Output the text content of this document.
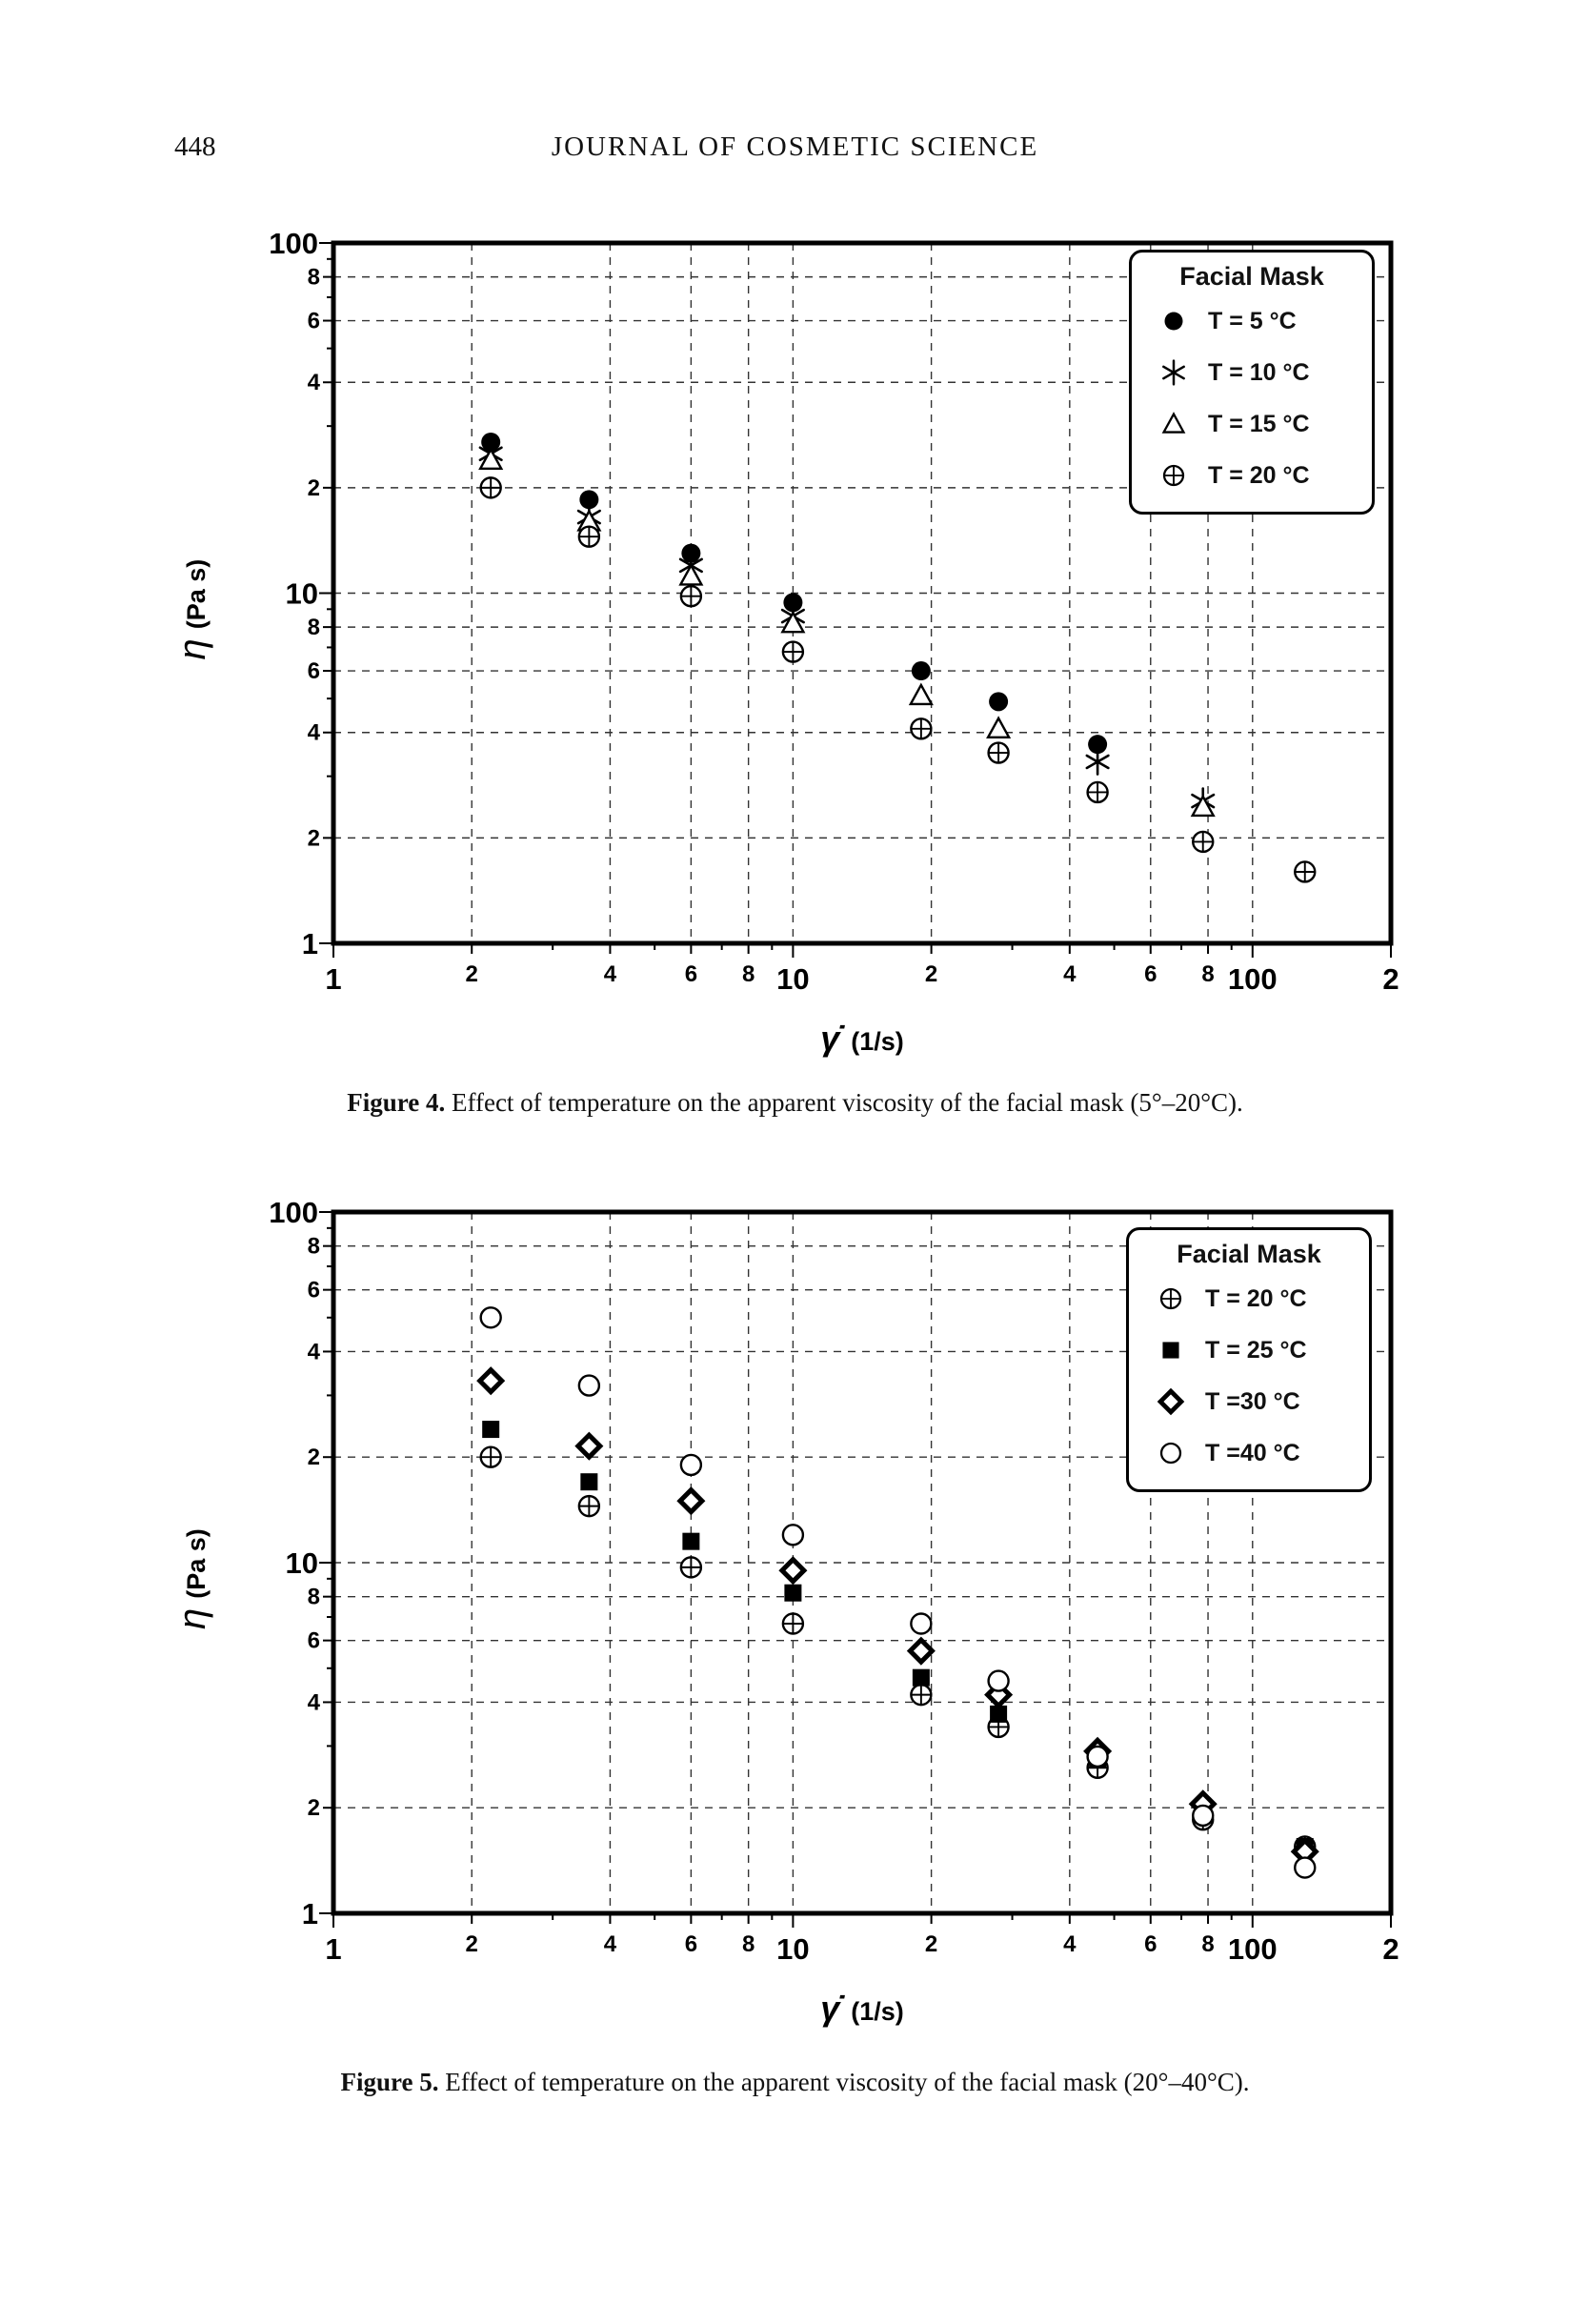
448	JOURNAL OF COSMETIC SCIENCE
1	2	4	6 8 10	2	4	6 8 100	2
100
8
6
4
2
10
8
6
4
2
1
η(Pa s)
γ̇ (1/s)
Facial Mask
T = 5 °C
T = 10 °C
T = 15 °C
T = 20 °C
Figure 4. Effect of temperature on the apparent viscosity of the facial mask (5°–20°C).
1	2	4	6 8 10	2	4	6 8 100	2
100
8
6
4
2
10
8
6
4
2
1
η(Pa s)
γ̇ (1/s)
Facial Mask
T = 20 °C
T = 25 °C
T =30 °C
T =40 °C
Figure 5. Effect of temperature on the apparent viscosity of the facial mask (20°–40°C).
